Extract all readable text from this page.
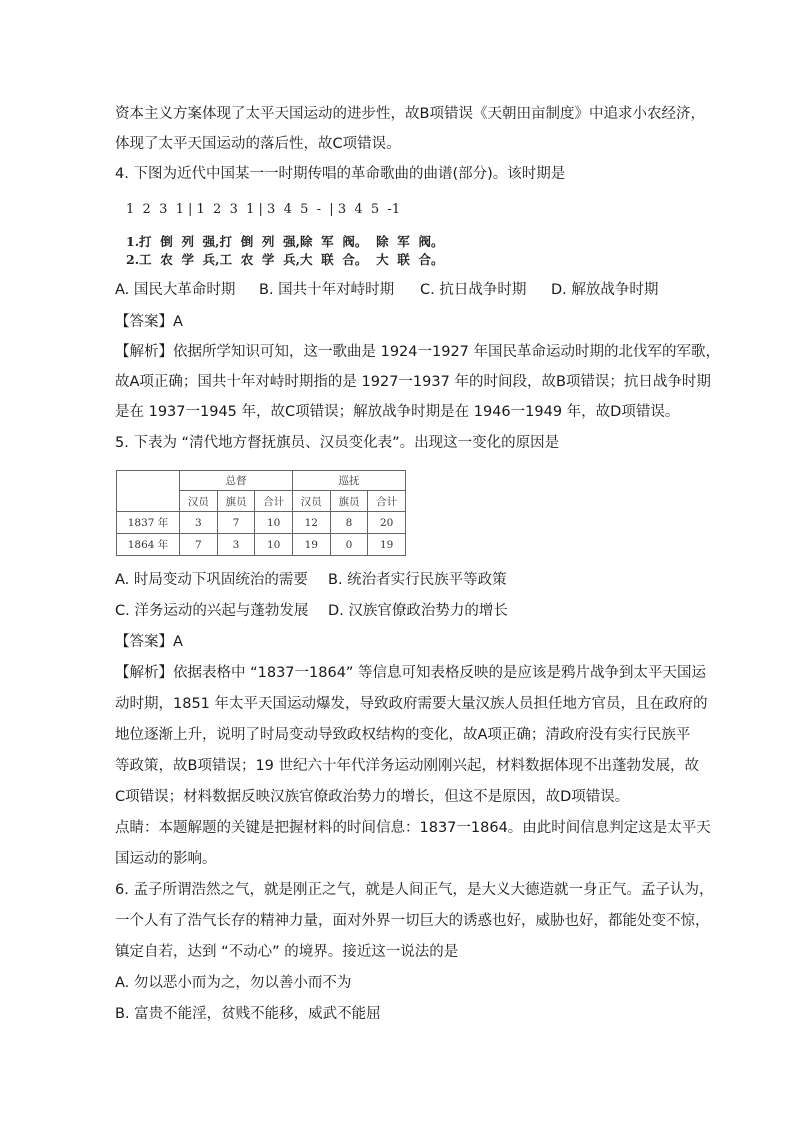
资本主义方案体现了太平天国运动的进步性，故B项错误《天朝田亩制度》中追求小农经济，
体现了太平天国运动的落后性，故C项错误。
4. 下图为近代中国某一一时期传唱的革命歌曲的曲谱(部分)。该时期是
1  2  3  1 | 1  2  3  1 | 3  4  5  -  | 3  4  5  -1
1.打  倒  列  强,打  倒  列  强,除  军  阀。  除  军  阀。
2.工  农  学  兵,工  农  学  兵,大  联  合。  大  联  合。
A. 国民大革命时期 B. 国共十年对峙时期 C. 抗日战争时期 D. 解放战争时期
【答案】A
【解析】依据所学知识可知，这一歌曲是 1924一1927 年国民革命运动时期的北伐军的军歌，
故A项正确；国共十年对峙时期指的是 1927一1937 年的时间段，故B项错误；抗日战争时期
是在 1937一1945 年，故C项错误；解放战争时期是在 1946一1949 年，故D项错误。
5. 下表为 “清代地方督抚旗员、汉员变化表”。出现这一变化的原因是
	总督			巡抚		
	汉员	旗员	合计	汉员	旗员	合计
1837 年	3	7	10	12	8	20
1864 年	7	3	10	19	0	19
A. 时局变动下巩固统治的需要 B. 统治者实行民族平等政策
C. 洋务运动的兴起与蓬勃发展 D. 汉族官僚政治势力的增长
【答案】A
【解析】依据表格中 “1837一1864” 等信息可知表格反映的是应该是鸦片战争到太平天国运
动时期，1851 年太平天国运动爆发，导致政府需要大量汉族人员担任地方官员，且在政府的
地位逐渐上升，说明了时局变动导致政权结构的变化，故A项正确；清政府没有实行民族平
等政策，故B项错误；19 世纪六十年代洋务运动刚刚兴起，材料数据体现不出蓬勃发展，故
C项错误；材料数据反映汉族官僚政治势力的增长，但这不是原因，故D项错误。
点睛：本题解题的关键是把握材料的时间信息：1837一1864。由此时间信息判定这是太平天
国运动的影响。
6. 孟子所谓浩然之气，就是刚正之气，就是人间正气，是大义大德造就一身正气。孟子认为，
一个人有了浩气长存的精神力量，面对外界一切巨大的诱惑也好，威胁也好，都能处变不惊，
镇定自若，达到 “不动心” 的境界。接近这一说法的是
A. 勿以恶小而为之，勿以善小而不为
B. 富贵不能淫，贫贱不能移，威武不能屈
